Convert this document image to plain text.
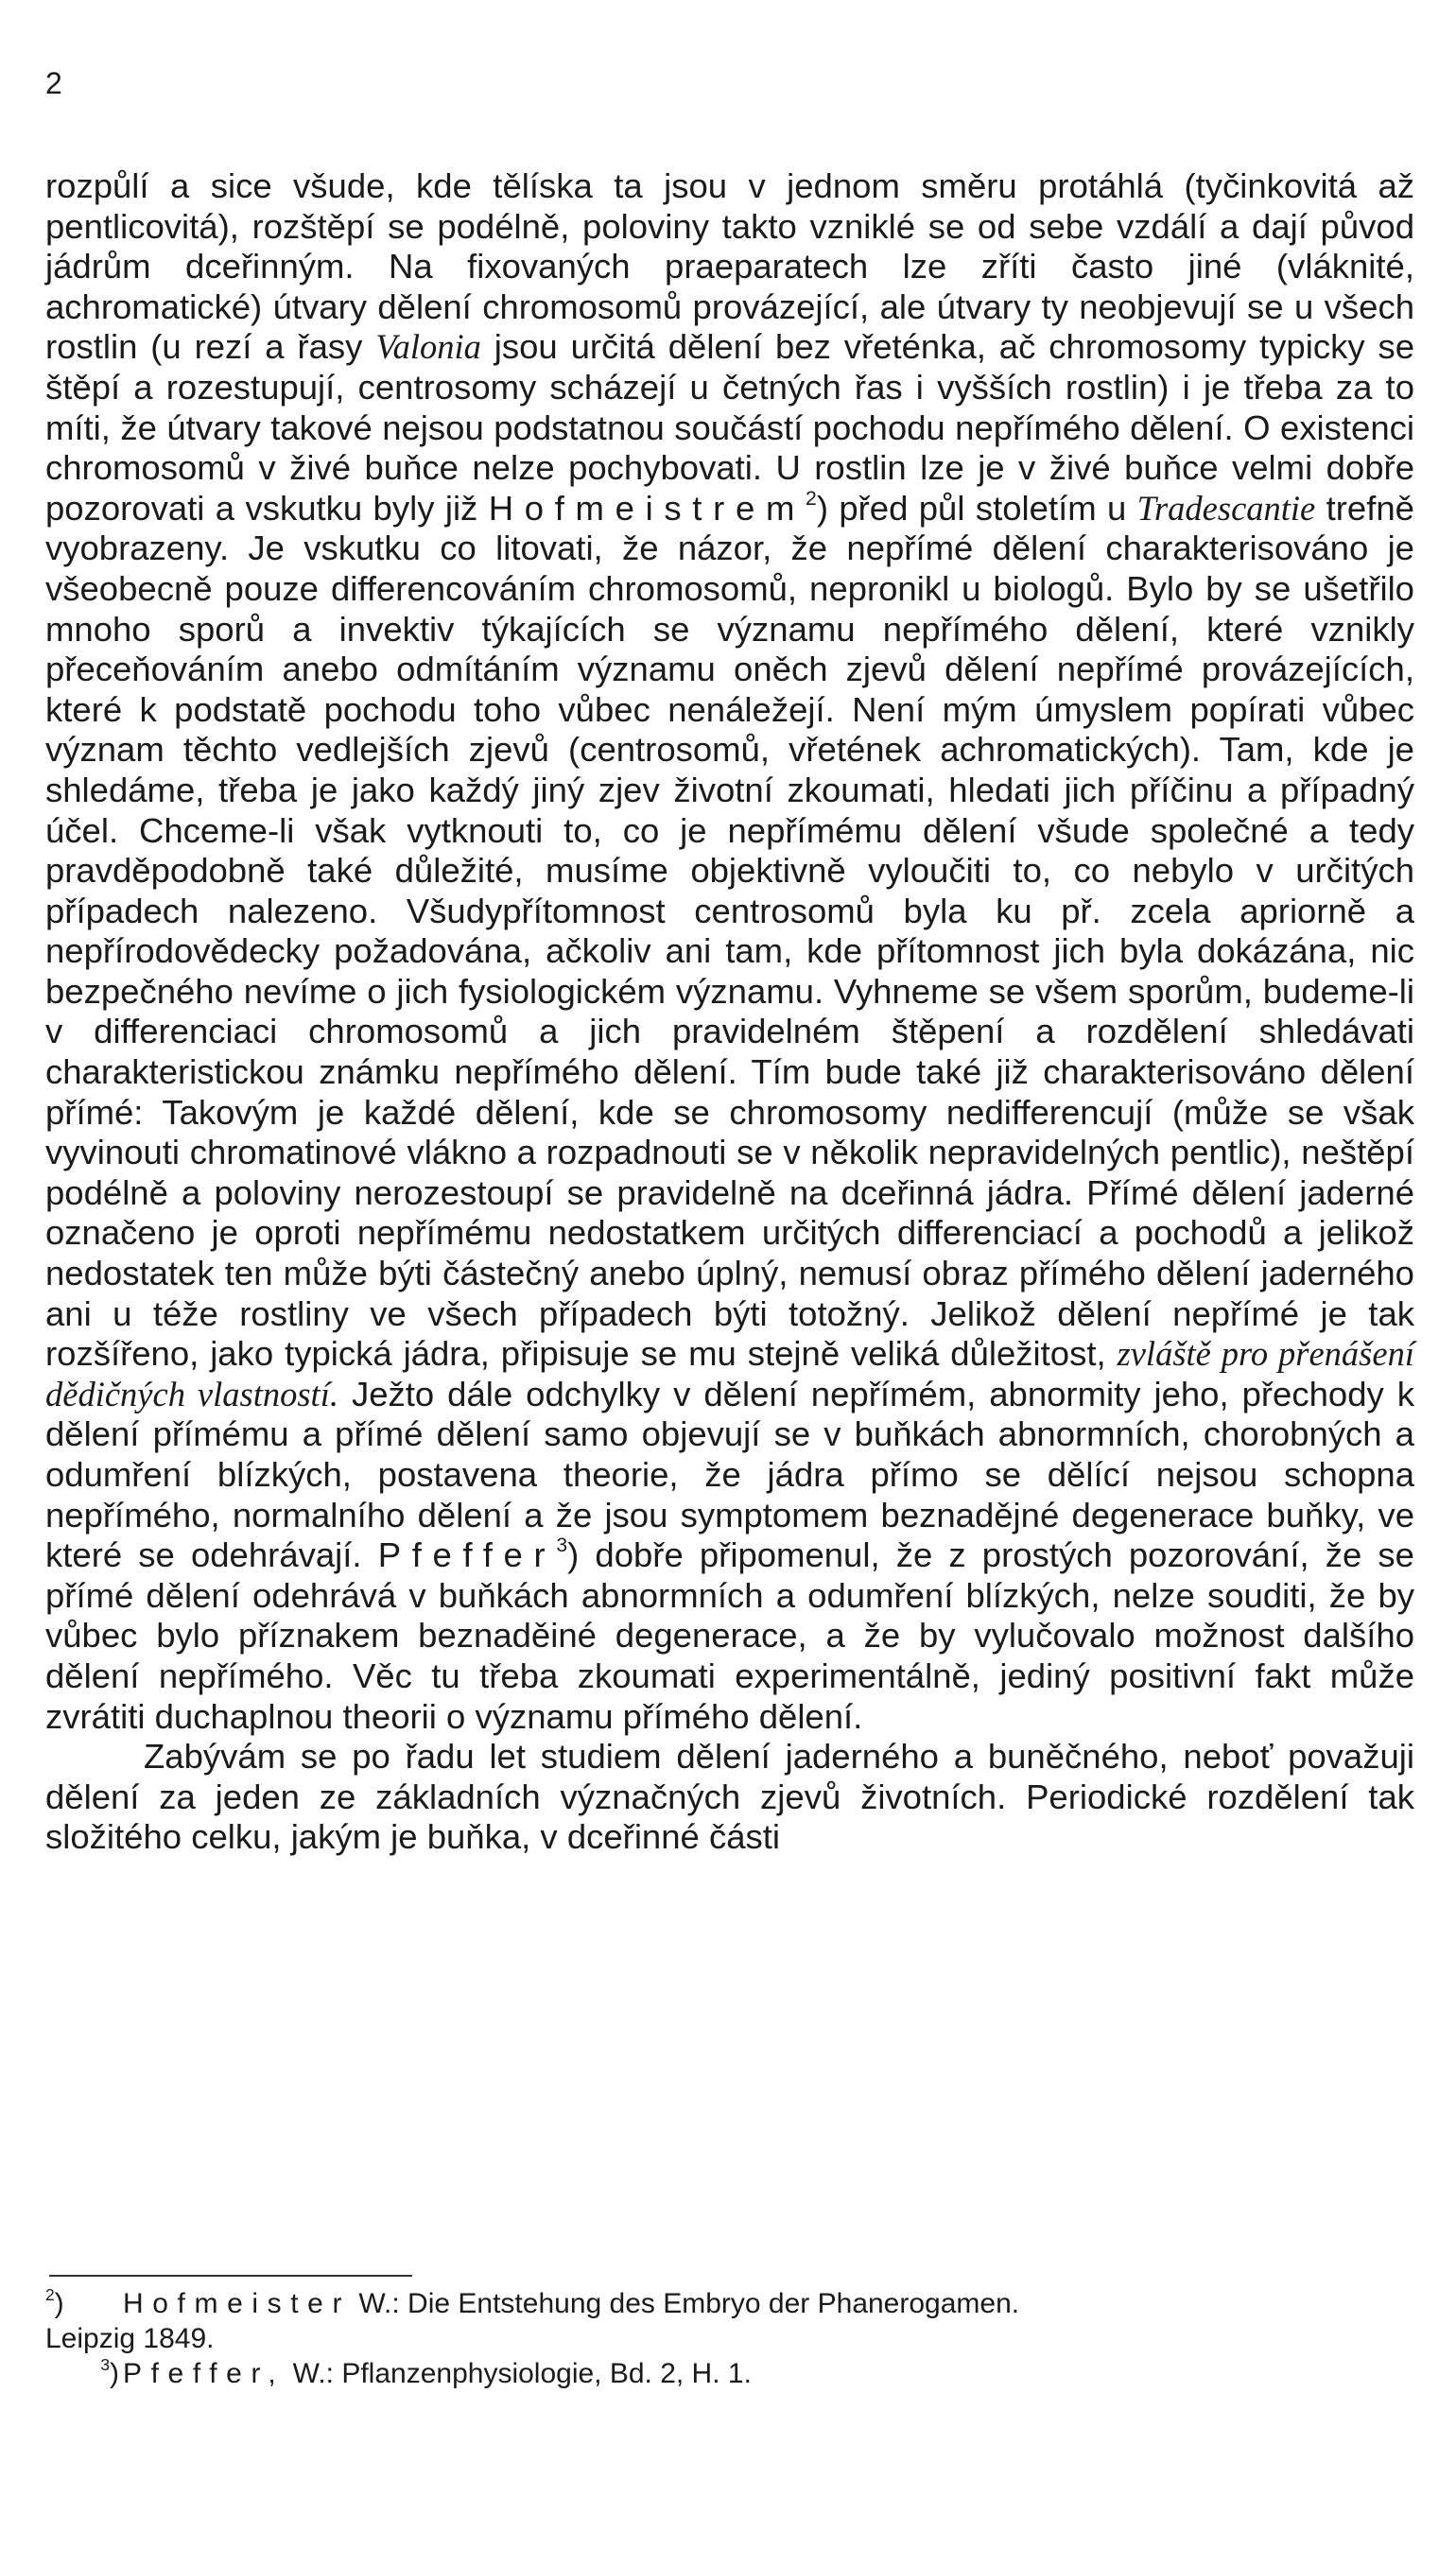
2

rozpůlí a sice všude, kde tělíska ta jsou v jednom směru protáhlá (tyčinkovitá až pentlicovitá), rozštěpí se podélně, poloviny takto vzniklé se od sebe vzdálí a dají původ jádrům dceřinným. Na fixovaných praeparatech lze zříti často jiné (vláknité, achromatické) útvary dělení chromosomů provázející, ale útvary ty neobjevují se u všech rostlin (u rezí a řasy Valonia jsou určitá dělení bez vřeténka, ač chromosomy typicky se štěpí a rozestupují, centrosomy scházejí u četných řas i vyšších rostlin) i je třeba za to míti, že útvary takové nejsou podstatnou součástí pochodu nepřímého dělení. O existenci chromosomů v živé buňce nelze pochybovati. U rostlin lze je v živé buňce velmi dobře pozorovati a vskutku byly již Hofmeistrem$^2$) před půl stoletím u Tradescantie trefně vyobrazeny. Je vskutku co litovati, že názor, že nepřímé dělení charakterisováno je všeobecně pouze differencováním chromosomů, nepronikl u biologů. Bylo by se ušetřilo mnoho sporů a invektiv týkajících se významu nepřímého dělení, které vznikly přeceňováním anebo odmítáním významu oněch zjevů dělení nepřímé provázejících, které k podstatě pochodu toho vůbec nenáležejí. Není mým úmyslem popírati vůbec význam těchto vedlejších zjevů (centrosomů, vřetének achromatických). Tam, kde je shledáme, třeba je jako každý jiný zjev životní zkoumati, hledati jich příčinu a případný účel. Chceme-li však vytknouti to, co je nepřímému dělení všude společné a tedy pravděpodobně také důležité, musíme objektivně vyloučiti to, co nebylo v určitých případech nalezeno. Všudypřítomnost centrosomů byla ku př. zcela apriorně a nepřírodovědecky požadována, ačkoliv ani tam, kde přítomnost jich byla dokázána, nic bezpečného nevíme o jich fysiologickém významu. Vyhneme se všem sporům, budeme-li v differenciaci chromosomů a jich pravidelném štěpení a rozdělení shledávati charakteristickou známku nepřímého dělení. Tím bude také již charakterisováno dělení přímé: Takovým je každé dělení, kde se chromosomy nedifferencují (může se však vyvinouti chromatinové vlákno a rozpadnouti se v několik nepravidelných pentlic), neštěpí podélně a poloviny nerozestoupí se pravidelně na dceřinná jádra. Přímé dělení jaderné označeno je oproti nepřímému nedostatkem určitých differenciací a pochodů a jelikož nedostatek ten může býti částečný anebo úplný, nemusí obraz přímého dělení jaderného ani u téže rostliny ve všech případech býti totožný. Jelikož dělení nepřímé je tak rozšířeno, jako typická jádra, připisuje se mu stejně veliká důležitost, zvláště pro přenášení dědičných vlastností. Ježto dále odchylky v dělení nepřímém, abnormity jeho, přechody k dělení přímému a přímé dělení samo objevují se v buňkách abnormních, chorobných a odumření blízkých, postavena theorie, že jádra přímo se dělící nejsou schopna nepřímého, normalního dělení a že jsou symptomem beznadějné degenerace buňky, ve které se odehrávají. Pfeffer$^3$) dobře připomenul, že z prostých pozorování, že se přímé dělení odehrává v buňkách abnormních a odumření blízkých, nelze souditi, že by vůbec bylo příznakem beznaděiné degenerace, a že by vylučovalo možnost dalšího dělení nepřímého. Věc tu třeba zkoumati experimentálně, jediný positivní fakt může zvrátiti duchaplnou theorii o významu přímého dělení.

Zabývám se po řadu let studiem dělení jaderného a buněčného, neboť považuji dělení za jeden ze základních význačných zjevů životních. Periodické rozdělení tak složitého celku, jakým je buňka, v dceřinné části

$^2$) Hofmeister W.: Die Entstehung des Embryo der Phanerogamen.
Leipzig 1849.

$^3$) Pfeffer, W.: Pflanzenphysiologie, Bd. 2, H. 1.
